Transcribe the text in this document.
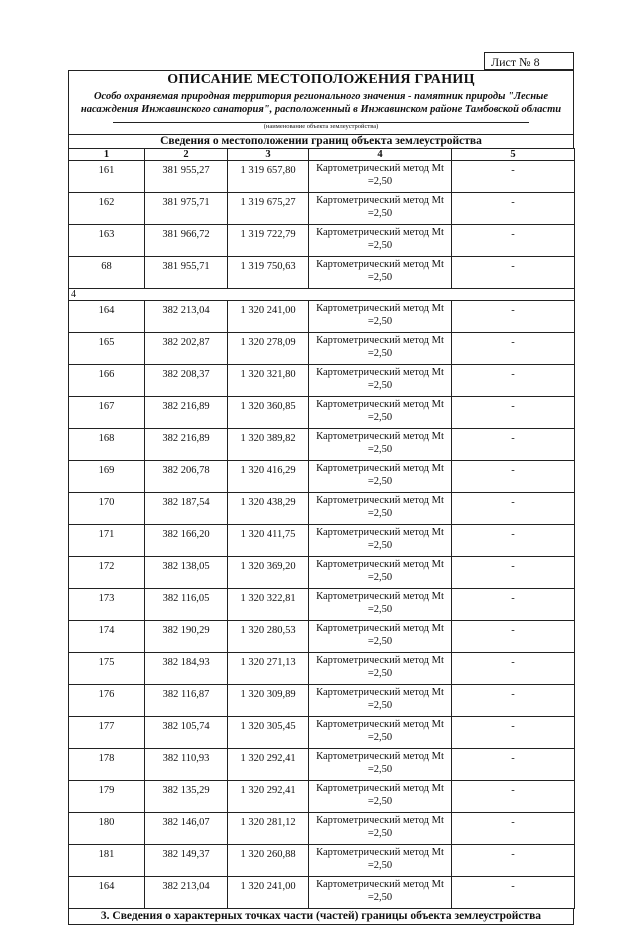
Лист № 8
ОПИСАНИЕ МЕСТОПОЛОЖЕНИЯ ГРАНИЦ
Особо охраняемая природная территория регионального значения - памятник природы "Лесные насаждения Инжавинского санатория", расположенный в Инжавинском районе Тамбовской области
(наименование объекта землеустройства)
Сведения о местоположении границ объекта землеустройства
1	2	3	4	5
161	381 955,27	1 319 657,80	Картометрический метод Mt =2,50	-
162	381 975,71	1 319 675,27	Картометрический метод Mt =2,50	-
163	381 966,72	1 319 722,79	Картометрический метод Mt =2,50	-
68	381 955,71	1 319 750,63	Картометрический метод Mt =2,50	-
4				
164	382 213,04	1 320 241,00	Картометрический метод Mt =2,50	-
165	382 202,87	1 320 278,09	Картометрический метод Mt =2,50	-
166	382 208,37	1 320 321,80	Картометрический метод Mt =2,50	-
167	382 216,89	1 320 360,85	Картометрический метод Mt =2,50	-
168	382 216,89	1 320 389,82	Картометрический метод Mt =2,50	-
169	382 206,78	1 320 416,29	Картометрический метод Mt =2,50	-
170	382 187,54	1 320 438,29	Картометрический метод Mt =2,50	-
171	382 166,20	1 320 411,75	Картометрический метод Mt =2,50	-
172	382 138,05	1 320 369,20	Картометрический метод Mt =2,50	-
173	382 116,05	1 320 322,81	Картометрический метод Mt =2,50	-
174	382 190,29	1 320 280,53	Картометрический метод Mt =2,50	-
175	382 184,93	1 320 271,13	Картометрический метод Mt =2,50	-
176	382 116,87	1 320 309,89	Картометрический метод Mt =2,50	-
177	382 105,74	1 320 305,45	Картометрический метод Mt =2,50	-
178	382 110,93	1 320 292,41	Картометрический метод Mt =2,50	-
179	382 135,29	1 320 292,41	Картометрический метод Mt =2,50	-
180	382 146,07	1 320 281,12	Картометрический метод Mt =2,50	-
181	382 149,37	1 320 260,88	Картометрический метод Mt =2,50	-
164	382 213,04	1 320 241,00	Картометрический метод Mt =2,50	-
3. Сведения о характерных точках части (частей) границы объекта землеустройства
